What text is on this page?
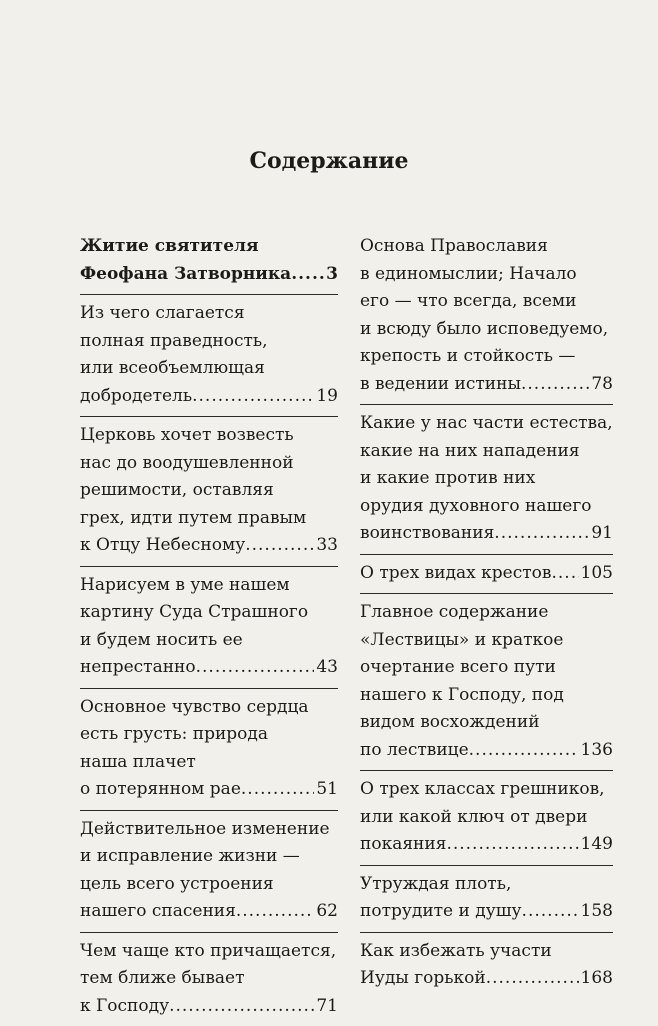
Содержание
Житие святителя
Феофана Затворника ..... 3
Из чего слагается
полная праведность,
или всеобъемлющая
добродетель .....	19
Церковь хочет возвесть
нас до воодушевленной
решимости, оставляя
грех, идти путем правым
к Отцу Небесному .....	33
Нарисуем в уме нашем
картину Суда Страшного
и будем носить ее
непрестанно .....	43
Основное чувство сердца
есть грусть: природа
наша плачет
о потерянном рае .....	51
Действительное изменение
и исправление жизни —
цель всего устроения
нашего спасения .....	62
Чем чаще кто причащается,
тем ближе бывает
к Господу .....	71
Основа Православия
в единомыслии; Начало
его — что всегда, всеми
и всюду было исповедуемо,
крепость и стойкость —
в ведении истины .....	78
Какие у нас части естества,
какие на них нападения
и какие против них
орудия духовного нашего
воинствования .....	91
О трех видах крестов ..... 105
Главное содержание
«Лествицы» и краткое
очертание всего пути
нашего к Господу, под
видом восхождений
по лествице .....	136
О трех классах грешников,
или какой ключ от двери
покаяния .....	149
Утруждая плоть,
потрудите и душу .....	158
Как избежать участи
Иуды горькой .....	168
